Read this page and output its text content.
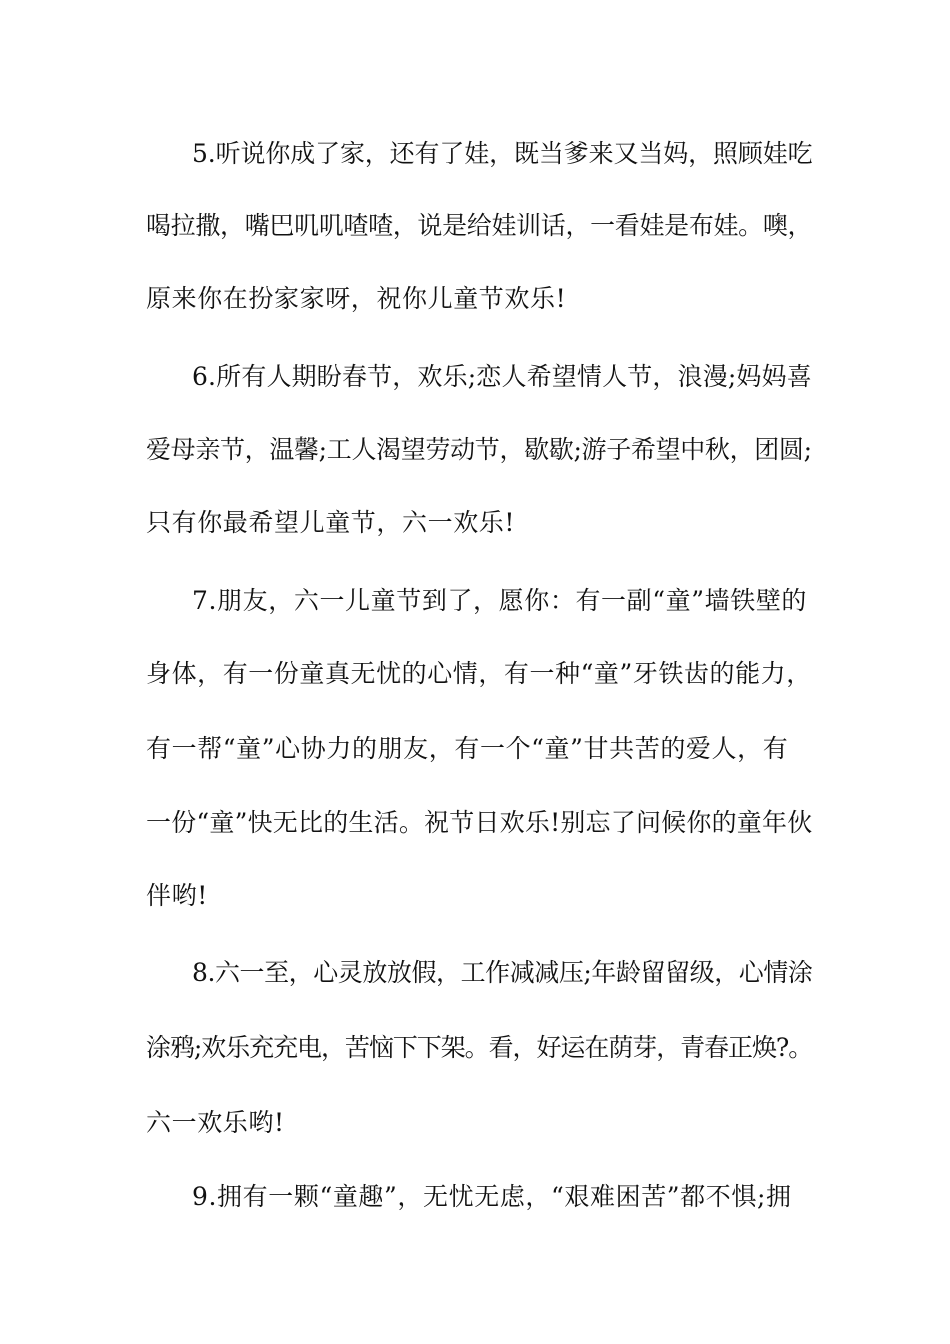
5.听说你成了家，还有了娃，既当爹来又当妈，照顾娃吃
喝拉撒，嘴巴叽叽喳喳，说是给娃训话，一看娃是布娃。噢，
原来你在扮家家呀，祝你儿童节欢乐!
6.所有人期盼春节，欢乐;恋人希望情人节，浪漫;妈妈喜
爱母亲节，温馨;工人渴望劳动节，歇歇;游子希望中秋，团圆;
只有你最希望儿童节，六一欢乐!
7.朋友，六一儿童节到了，愿你：有一副“童”墙铁壁的
身体，有一份童真无忧的心情，有一种“童”牙铁齿的能力，
有一帮“童”心协力的朋友，有一个“童”甘共苦的爱人，有
一份“童”快无比的生活。祝节日欢乐!别忘了问候你的童年伙
伴哟!
8.六一至，心灵放放假，工作减减压;年龄留留级，心情涂
涂鸦;欢乐充充电，苦恼下下架。看，好运在荫芽，青春正焕?。
六一欢乐哟!
9.拥有一颗“童趣”，无忧无虑，“艰难困苦”都不惧;拥
